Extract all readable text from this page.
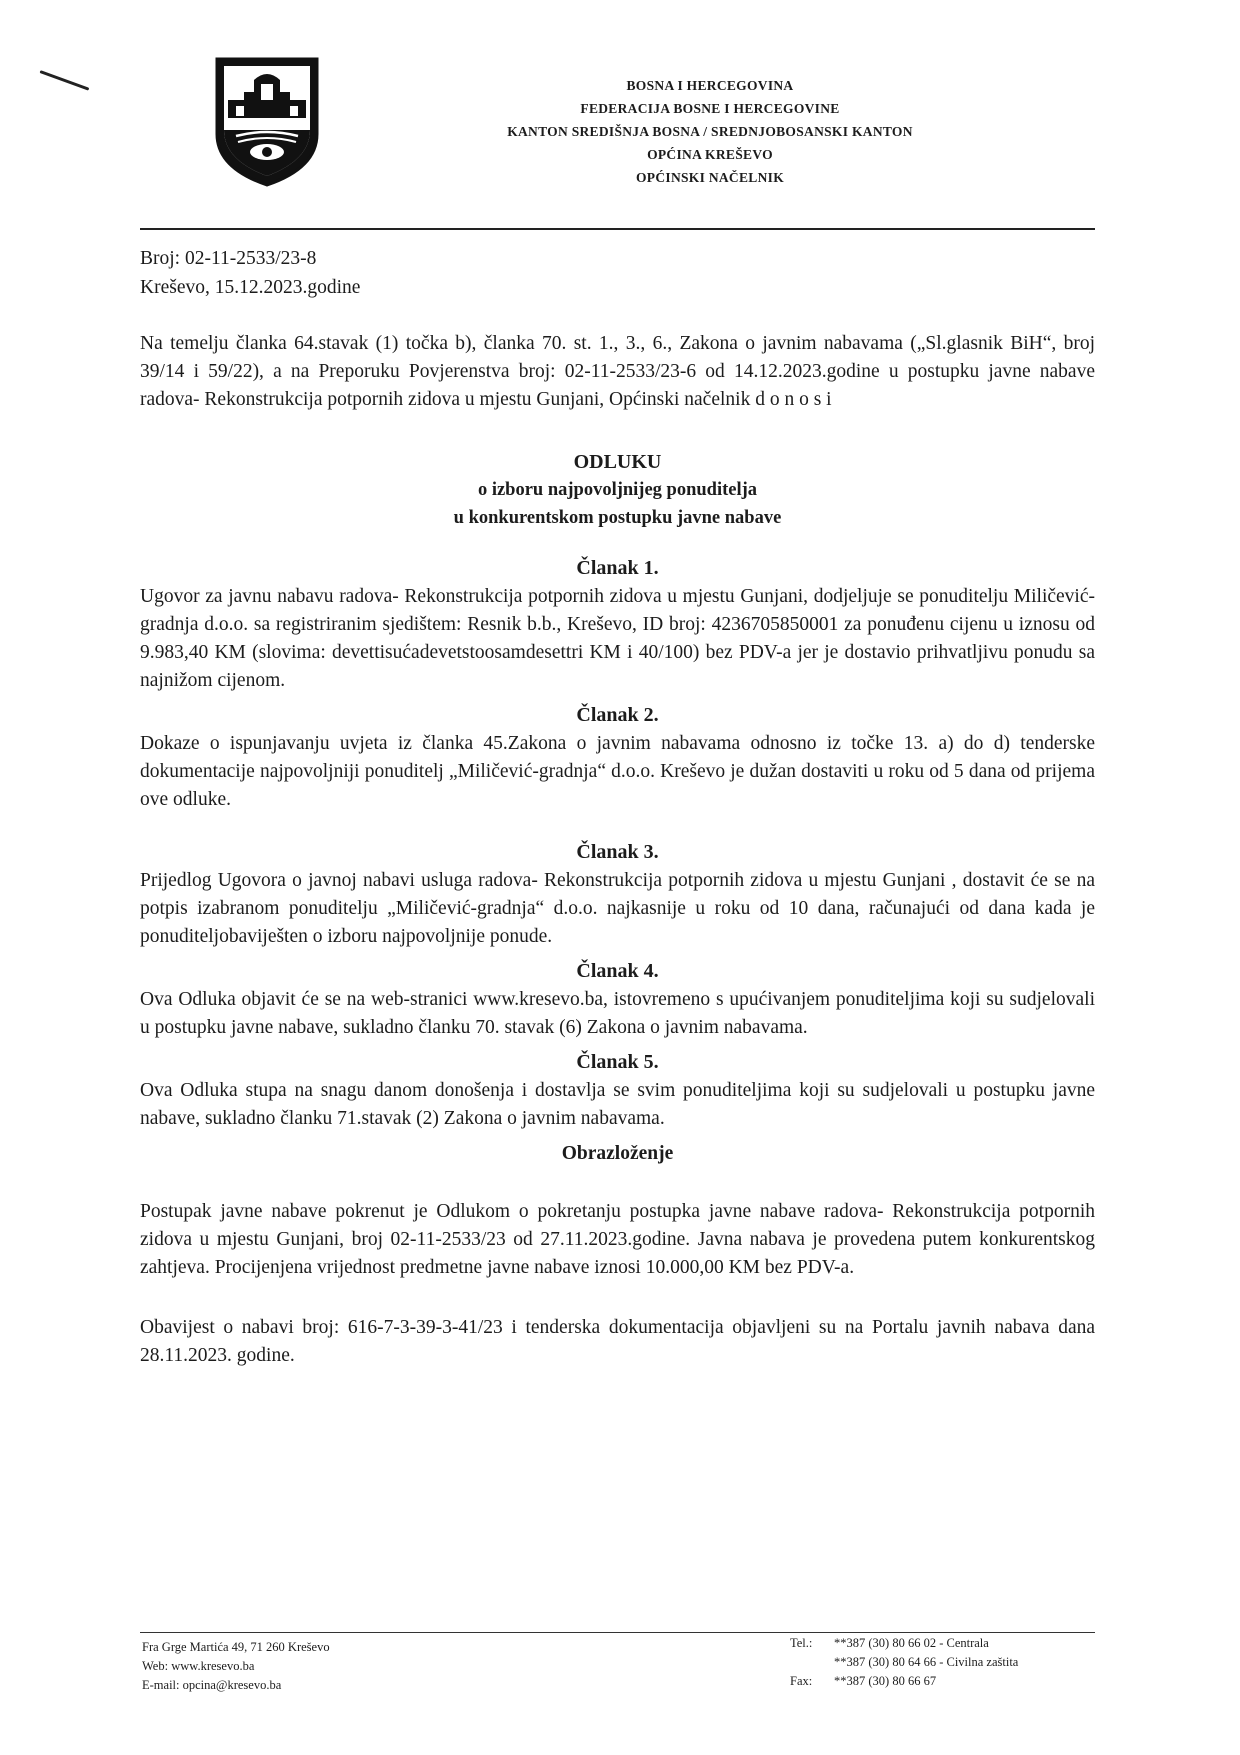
BOSNA I HERCEGOVINA
FEDERACIJA BOSNE I HERCEGOVINE
KANTON SREDIŠNJA BOSNA / SREDNJOBOSANSKI KANTON
OPĆINA KREŠEVO
OPĆINSKI NAČELNIK
Broj: 02-11-2533/23-8
Kreševo, 15.12.2023.godine

Na temelju članka 64.stavak (1) točka b), članka 70. st. 1., 3., 6., Zakona o javnim nabavama („Sl.glasnik BiH“, broj 39/14 i 59/22), a na Preporuku Povjerenstva broj: 02-11-2533/23-6 od 14.12.2023.godine u postupku javne nabave radova- Rekonstrukcija potpornih zidova u mjestu Gunjani, Općinski načelnik d o n o s i

ODLUKU
o izboru najpovoljnijeg ponuditelja
u konkurentskom postupku javne nabave
Članak 1.

Ugovor za javnu nabavu radova- Rekonstrukcija potpornih zidova u mjestu Gunjani, dodjeljuje se ponuditelju Miličević-gradnja d.o.o. sa registriranim sjedištem: Resnik b.b., Kreševo, ID broj: 4236705850001 za ponuđenu cijenu u iznosu od 9.983,40 KM (slovima: devettisućadevetstoosamdesettri KM i 40/100) bez PDV-a jer je dostavio prihvatljivu ponudu sa najnižom cijenom.

Članak 2.

Dokaze o ispunjavanju uvjeta iz članka 45.Zakona o javnim nabavama odnosno iz točke 13. a) do d) tenderske dokumentacije najpovoljniji ponuditelj „Miličević-gradnja“ d.o.o. Kreševo je dužan dostaviti u roku od 5 dana od prijema ove odluke.

Članak 3.

Prijedlog Ugovora o javnoj nabavi usluga radova- Rekonstrukcija potpornih zidova u mjestu Gunjani , dostavit će se na potpis izabranom ponuditelju „Miličević-gradnja“ d.o.o. najkasnije u roku od 10 dana, računajući od dana kada je ponuditeljobaviješten o izboru najpovoljnije ponude.

Članak 4.

Ova Odluka objavit će se na web-stranici www.kresevo.ba, istovremeno s upućivanjem ponuditeljima koji su sudjelovali u postupku javne nabave, sukladno članku 70. stavak (6) Zakona o javnim nabavama.

Članak 5.

Ova Odluka stupa na snagu danom donošenja i dostavlja se svim ponuditeljima koji su sudjelovali u postupku javne nabave, sukladno članku 71.stavak (2) Zakona o javnim nabavama.

Obrazloženje

Postupak javne nabave pokrenut je Odlukom o pokretanju postupka javne nabave radova- Rekonstrukcija potpornih zidova u mjestu Gunjani, broj 02-11-2533/23 od 27.11.2023.godine. Javna nabava je provedena putem konkurentskog zahtjeva. Procijenjena vrijednost predmetne javne nabave iznosi 10.000,00 KM bez PDV-a.

Obavijest o nabavi broj: 616-7-3-39-3-41/23 i tenderska dokumentacija objavljeni su na Portalu javnih nabava dana 28.11.2023. godine.

Fra Grge Martića 49, 71 260 Kreševo
Web: www.kresevo.ba
E-mail: opcina@kresevo.ba
Tel.:	**387 (30) 80 66 02 - Centrala
**387 (30) 80 64 66 - Civilna zaštita
Fax:	**387 (30) 80 66 67
